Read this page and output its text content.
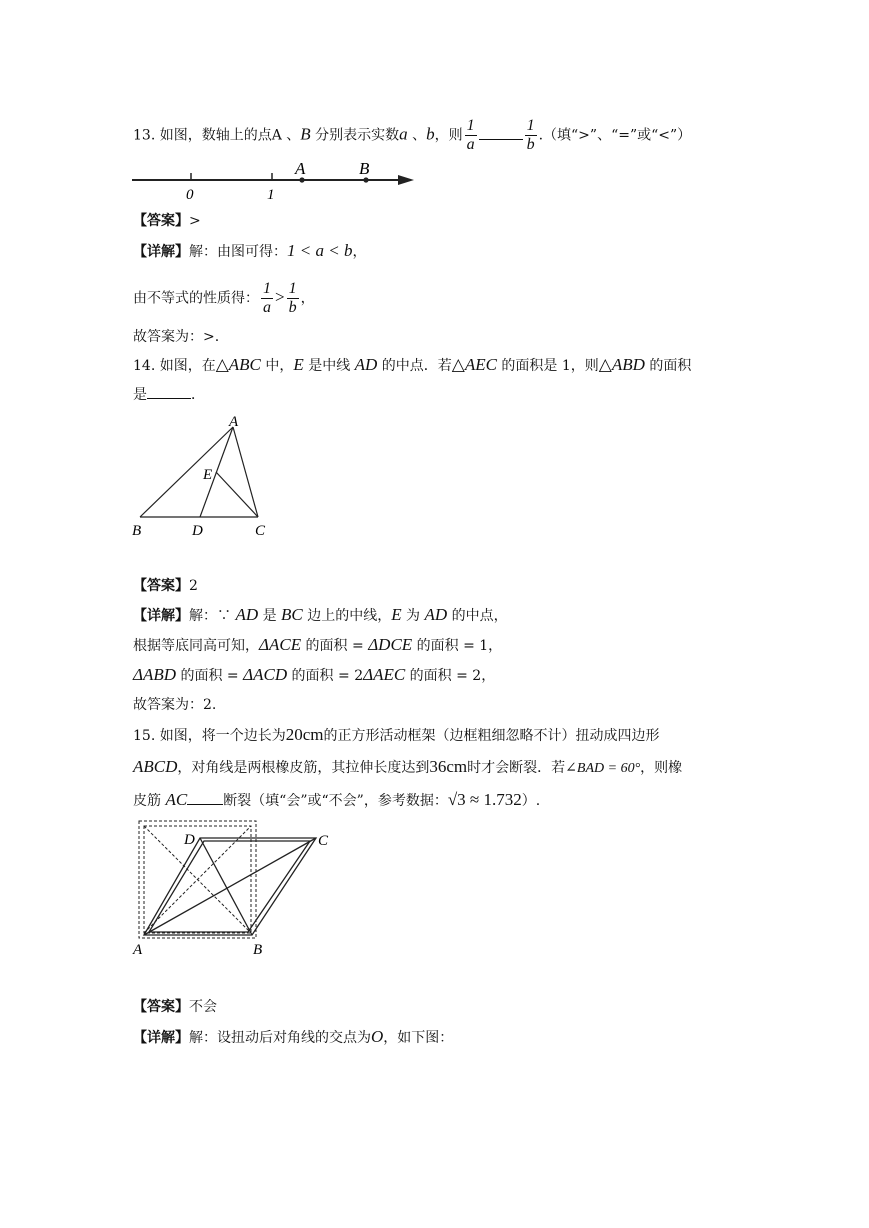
13. 如图，数轴上的点A 、B 分别表示实数a 、b，则 $\frac{1}{a}$	$\frac{1}{b}$ .（填“>”、“=”或“<”）
0	1
A	B
【答案】>
【详解】解：由图可得：1 < a < b，
由不等式的性质得： $\frac{1}{a} > \frac{1}{b}$ ，
故答案为：>.
14. 如图，在△ABC 中，E 是中线 AD 的中点．若△AEC 的面积是 1，则△ABD 的面积
是	．
A
E
B	D	C
【答案】2
【详解】解：∵ AD 是 BC 边上的中线，E 为 AD 的中点，
根据等底同高可知，ΔACE 的面积 = ΔDCE 的面积 = 1，
ΔABD 的面积 = ΔACD 的面积 = 2ΔAEC 的面积 = 2，
故答案为：2.
15. 如图，将一个边长为20cm的正方形活动框架（边框粗细忽略不计）扭动成四边形
ABCD，对角线是两根橡皮筋，其拉伸长度达到36cm时才会断裂．若∠BAD = 60°，则橡
皮筋 AC	断裂（填“会”或“不会”，参考数据：√3 ≈ 1.732）.
D	C
A	B
【答案】不会
【详解】解：设扭动后对角线的交点为O，如下图：
